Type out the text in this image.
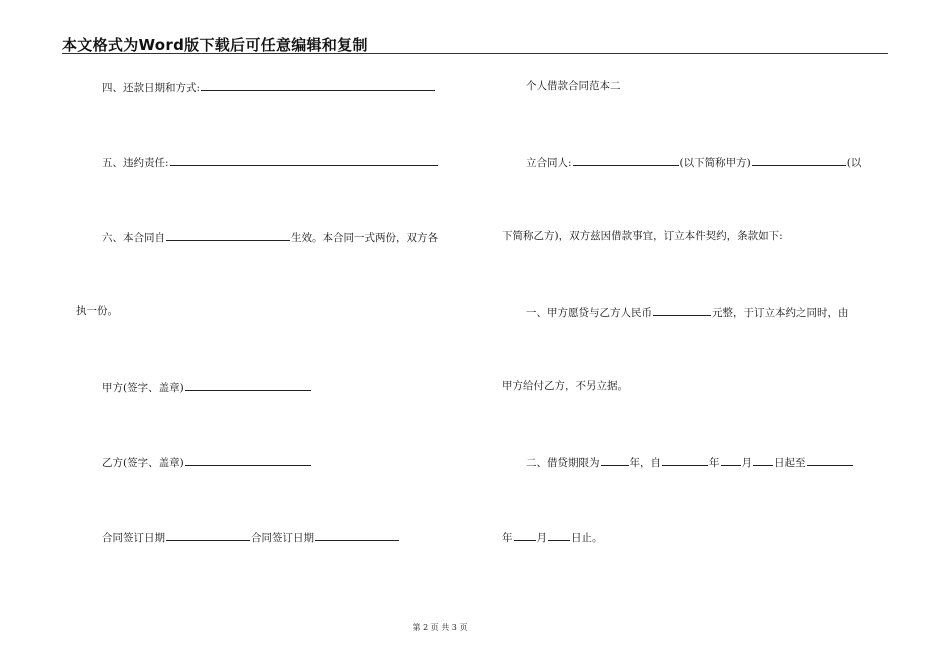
本文格式为Word版下载后可任意编辑和复制
四、还款日期和方式:
五、违约责任:
六、本合同自	生效。本合同一式两份，双方各
执一份。
甲方(签字、盖章)
乙方(签字、盖章)
合同签订日期	合同签订日期
个人借款合同范本二
立合同人:	(以下简称甲方)	(以
下简称乙方)，双方兹因借款事宜，订立本件契约，条款如下:
一、甲方愿贷与乙方人民币	元整，于订立本约之同时，由
甲方给付乙方，不另立据。
二、借贷期限为	年，自	年 月 日起至
年 月 日止。
第 2 页 共 3 页
